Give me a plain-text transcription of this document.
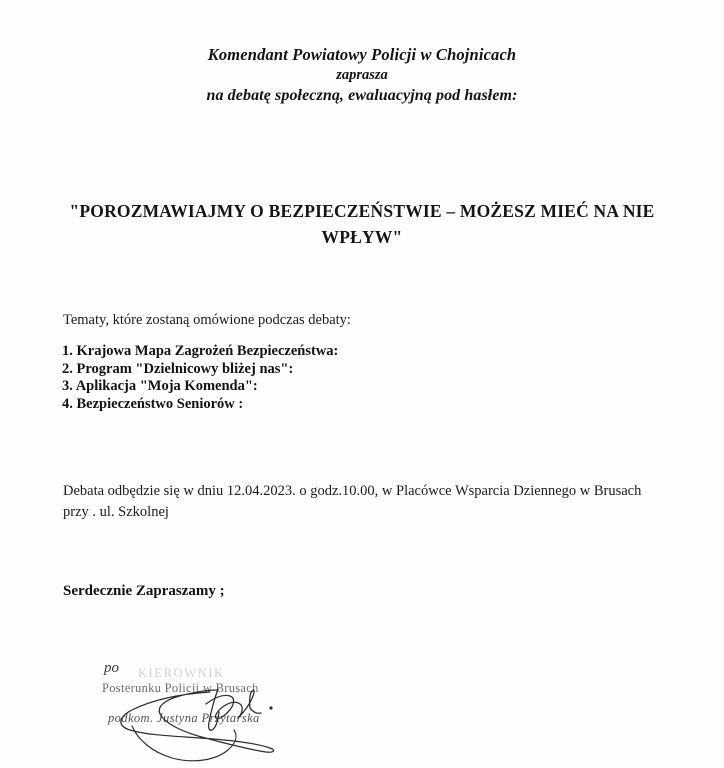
Komendant Powiatowy Policji w Chojnicach
zaprasza
na debatę społeczną, ewaluacyjną pod hasłem:
"POROZMAWIAJMY O BEZPIECZEŃSTWIE – MOŻESZ MIEĆ NA NIE WPŁYW"
Tematy, które zostaną omówione podczas debaty:
1. Krajowa Mapa Zagrożeń Bezpieczeństwa:
2. Program "Dzielnicowy bliżej nas":
3. Aplikacja "Moja Komenda":
4. Bezpieczeństwo Seniorów :
Debata odbędzie się w dniu 12.04.2023. o godz.10.00, w Placówce Wsparcia Dziennego w Brusach
przy . ul. Szkolnej
Serdecznie Zapraszamy ;
KIEROWNIK
Posterunku Policji w Brusach
podkom. Justyna Przytarska
po
